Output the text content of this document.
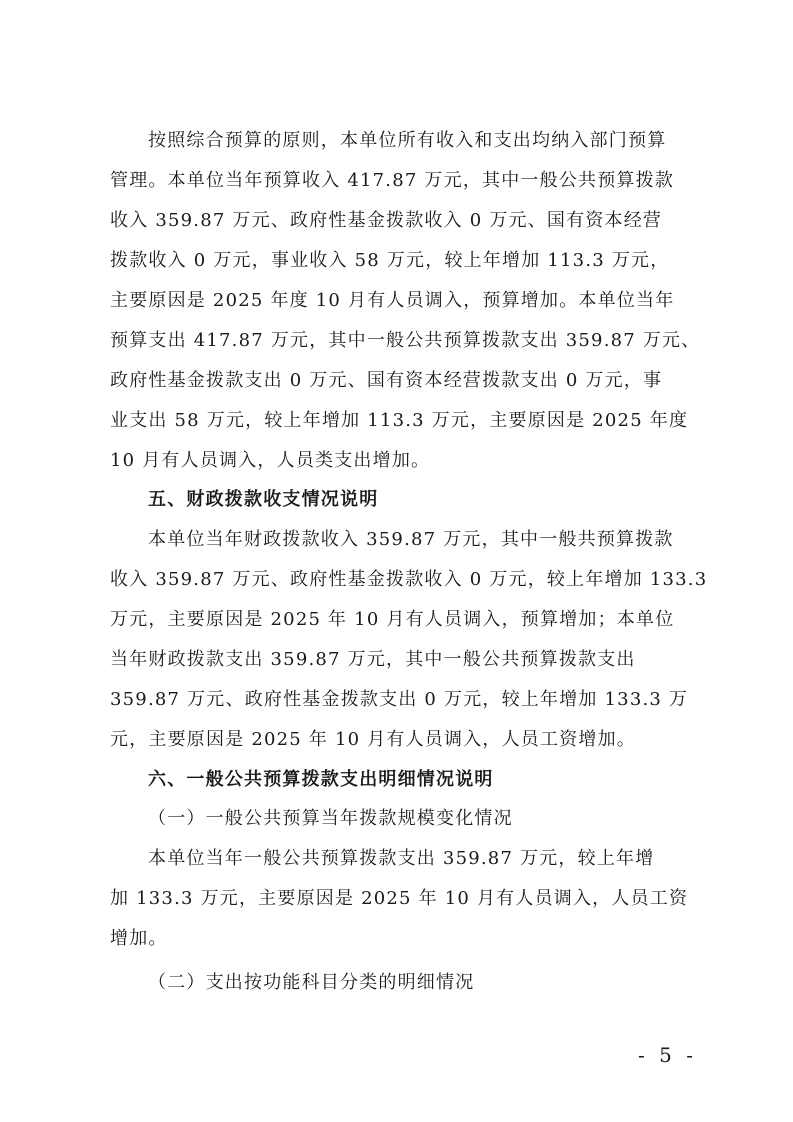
按照综合预算的原则，本单位所有收入和支出均纳入部门预算
管理。本单位当年预算收入 417.87 万元，其中一般公共预算拨款
收入 359.87 万元、政府性基金拨款收入 0 万元、国有资本经营
拨款收入 0 万元，事业收入 58 万元，较上年增加 113.3 万元，
主要原因是 2025 年度 10 月有人员调入，预算增加。本单位当年
预算支出 417.87 万元，其中一般公共预算拨款支出 359.87 万元、
政府性基金拨款支出 0 万元、国有资本经营拨款支出 0 万元，事
业支出 58 万元，较上年增加 113.3 万元，主要原因是 2025 年度
10 月有人员调入，人员类支出增加。
五、财政拨款收支情况说明
本单位当年财政拨款收入 359.87 万元，其中一般共预算拨款
收入 359.87 万元、政府性基金拨款收入 0 万元，较上年增加 133.3
万元，主要原因是 2025 年 10 月有人员调入，预算增加；本单位
当年财政拨款支出 359.87 万元，其中一般公共预算拨款支出
359.87 万元、政府性基金拨款支出 0 万元，较上年增加 133.3 万
元，主要原因是 2025 年 10 月有人员调入，人员工资增加。
六、一般公共预算拨款支出明细情况说明
（一）一般公共预算当年拨款规模变化情况
本单位当年一般公共预算拨款支出 359.87 万元，较上年增
加 133.3 万元，主要原因是 2025 年 10 月有人员调入，人员工资
增加。
（二）支出按功能科目分类的明细情况
- 5 -
